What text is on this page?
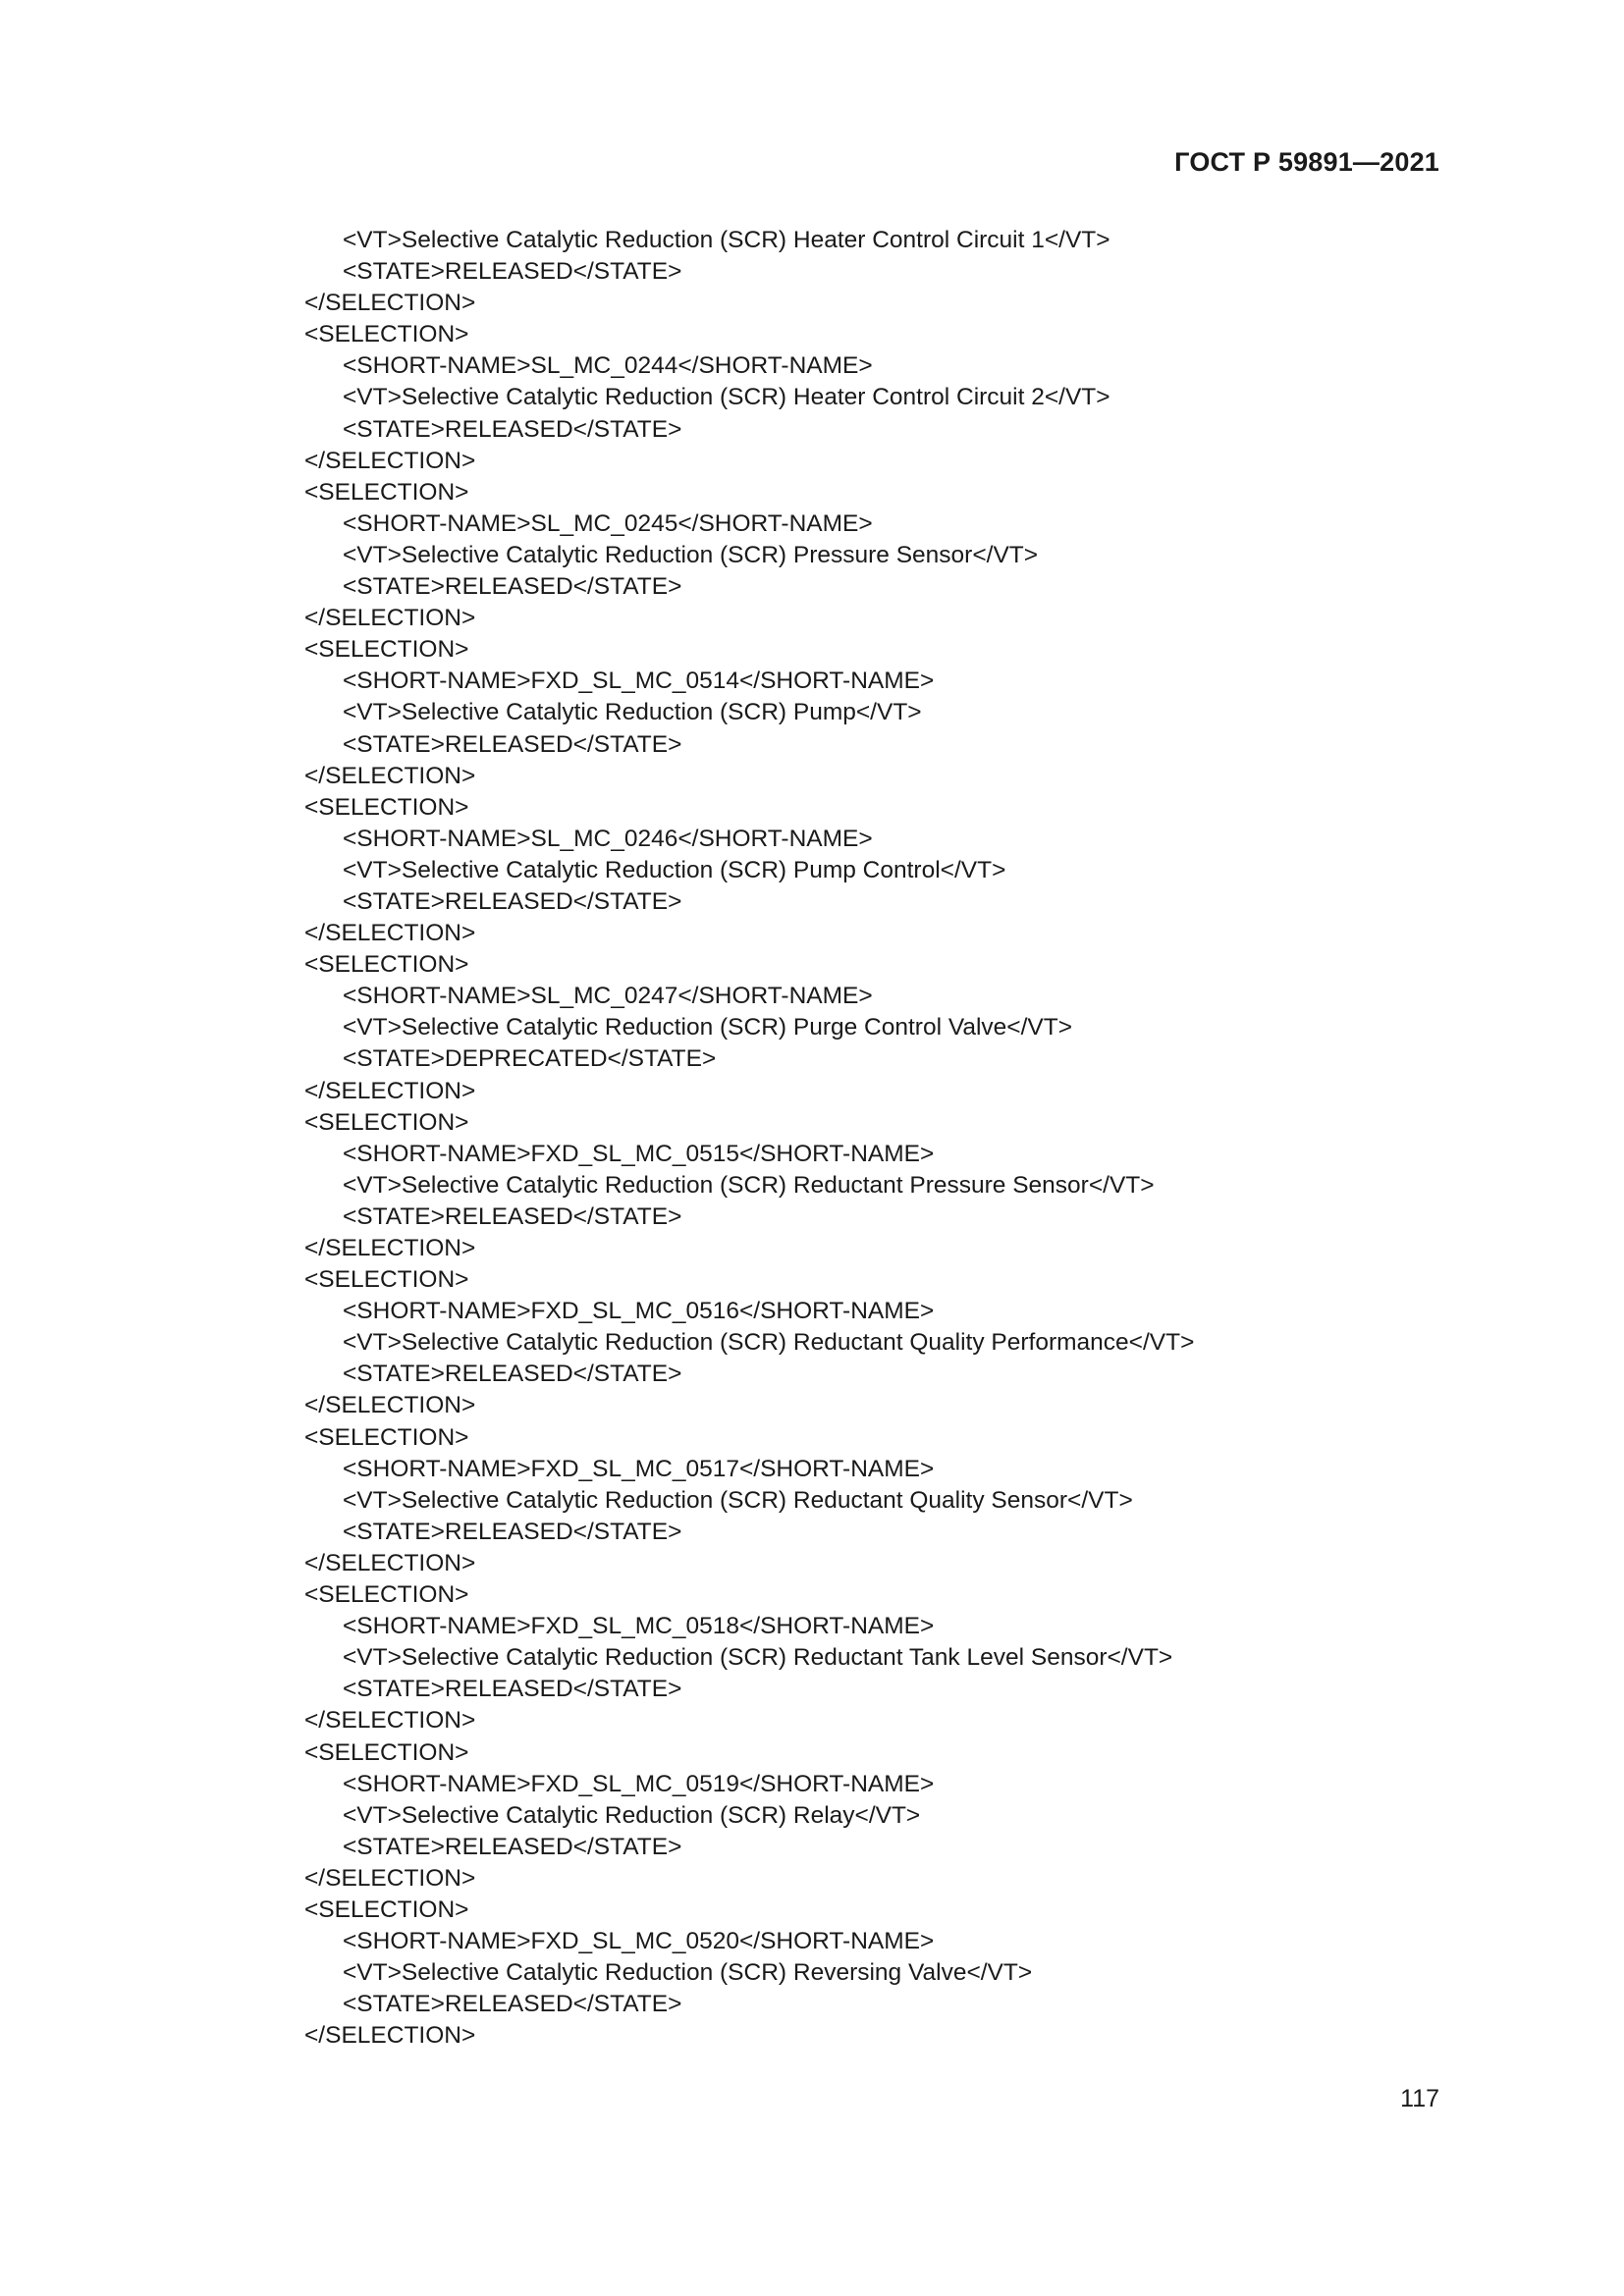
ГОСТ Р 59891—2021
<VT>Selective Catalytic Reduction (SCR) Heater Control Circuit 1</VT>
<STATE>RELEASED</STATE>
</SELECTION>
<SELECTION>
<SHORT-NAME>SL_MC_0244</SHORT-NAME>
<VT>Selective Catalytic Reduction (SCR) Heater Control Circuit 2</VT>
<STATE>RELEASED</STATE>
</SELECTION>
<SELECTION>
<SHORT-NAME>SL_MC_0245</SHORT-NAME>
<VT>Selective Catalytic Reduction (SCR) Pressure Sensor</VT>
<STATE>RELEASED</STATE>
</SELECTION>
<SELECTION>
<SHORT-NAME>FXD_SL_MC_0514</SHORT-NAME>
<VT>Selective Catalytic Reduction (SCR) Pump</VT>
<STATE>RELEASED</STATE>
</SELECTION>
<SELECTION>
<SHORT-NAME>SL_MC_0246</SHORT-NAME>
<VT>Selective Catalytic Reduction (SCR) Pump Control</VT>
<STATE>RELEASED</STATE>
</SELECTION>
<SELECTION>
<SHORT-NAME>SL_MC_0247</SHORT-NAME>
<VT>Selective Catalytic Reduction (SCR) Purge Control Valve</VT>
<STATE>DEPRECATED</STATE>
</SELECTION>
<SELECTION>
<SHORT-NAME>FXD_SL_MC_0515</SHORT-NAME>
<VT>Selective Catalytic Reduction (SCR) Reductant Pressure Sensor</VT>
<STATE>RELEASED</STATE>
</SELECTION>
<SELECTION>
<SHORT-NAME>FXD_SL_MC_0516</SHORT-NAME>
<VT>Selective Catalytic Reduction (SCR) Reductant Quality Performance</VT>
<STATE>RELEASED</STATE>
</SELECTION>
<SELECTION>
<SHORT-NAME>FXD_SL_MC_0517</SHORT-NAME>
<VT>Selective Catalytic Reduction (SCR) Reductant Quality Sensor</VT>
<STATE>RELEASED</STATE>
</SELECTION>
<SELECTION>
<SHORT-NAME>FXD_SL_MC_0518</SHORT-NAME>
<VT>Selective Catalytic Reduction (SCR) Reductant Tank Level Sensor</VT>
<STATE>RELEASED</STATE>
</SELECTION>
<SELECTION>
<SHORT-NAME>FXD_SL_MC_0519</SHORT-NAME>
<VT>Selective Catalytic Reduction (SCR) Relay</VT>
<STATE>RELEASED</STATE>
</SELECTION>
<SELECTION>
<SHORT-NAME>FXD_SL_MC_0520</SHORT-NAME>
<VT>Selective Catalytic Reduction (SCR) Reversing Valve</VT>
<STATE>RELEASED</STATE>
</SELECTION>
117
